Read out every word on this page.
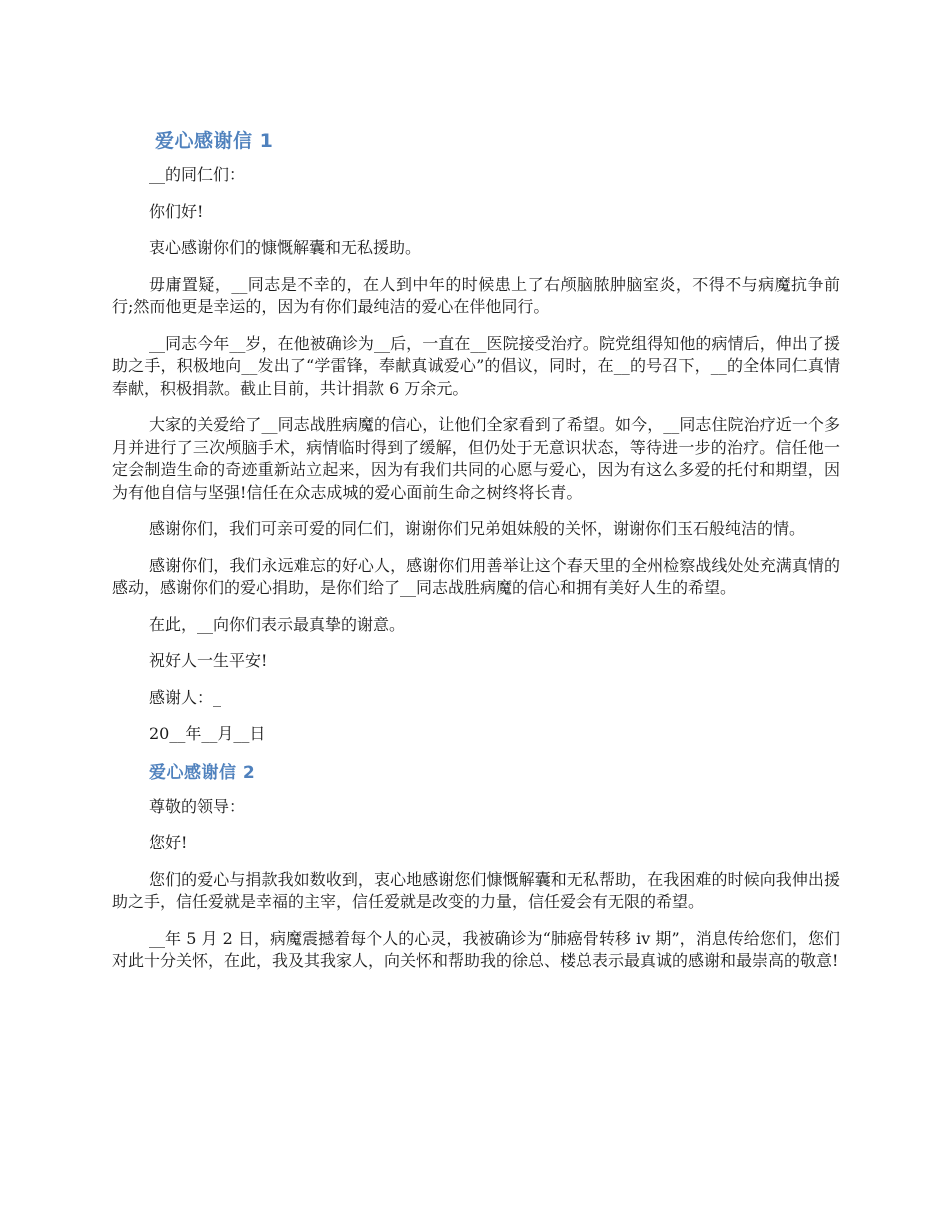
爱心感谢信 1

__的同仁们：

你们好!

衷心感谢你们的慷慨解囊和无私援助。

毋庸置疑，__同志是不幸的，在人到中年的时候患上了右颅脑脓肿脑室炎，不得不与病魔抗争前行;然而他更是幸运的，因为有你们最纯洁的爱心在伴他同行。

__同志今年__岁，在他被确诊为__后，一直在__医院接受治疗。院党组得知他的病情后，伸出了援助之手，积极地向__发出了“学雷锋，奉献真诚爱心”的倡议，同时，在__的号召下，__的全体同仁真情奉献，积极捐款。截止目前，共计捐款 6 万余元。

大家的关爱给了__同志战胜病魔的信心，让他们全家看到了希望。如今，__同志住院治疗近一个多月并进行了三次颅脑手术，病情临时得到了缓解，但仍处于无意识状态，等待进一步的治疗。信任他一定会制造生命的奇迹重新站立起来，因为有我们共同的心愿与爱心，因为有这么多爱的托付和期望，因为有他自信与坚强!信任在众志成城的爱心面前生命之树终将长青。

感谢你们，我们可亲可爱的同仁们，谢谢你们兄弟姐妹般的关怀，谢谢你们玉石般纯洁的情。

感谢你们，我们永远难忘的好心人，感谢你们用善举让这个春天里的全州检察战线处处充满真情的感动，感谢你们的爱心捐助，是你们给了__同志战胜病魔的信心和拥有美好人生的希望。

在此，__向你们表示最真挚的谢意。

祝好人一生平安!

感谢人：_

20__年__月__日

爱心感谢信 2

尊敬的领导：

您好!

您们的爱心与捐款我如数收到，衷心地感谢您们慷慨解囊和无私帮助，在我困难的时候向我伸出援助之手，信任爱就是幸福的主宰，信任爱就是改变的力量，信任爱会有无限的希望。

__年 5 月 2 日，病魔震撼着每个人的心灵，我被确诊为“肺癌骨转移 iv 期”，消息传给您们，您们对此十分关怀，在此，我及其我家人，向关怀和帮助我的徐总、楼总表示最真诚的感谢和最崇高的敬意!
